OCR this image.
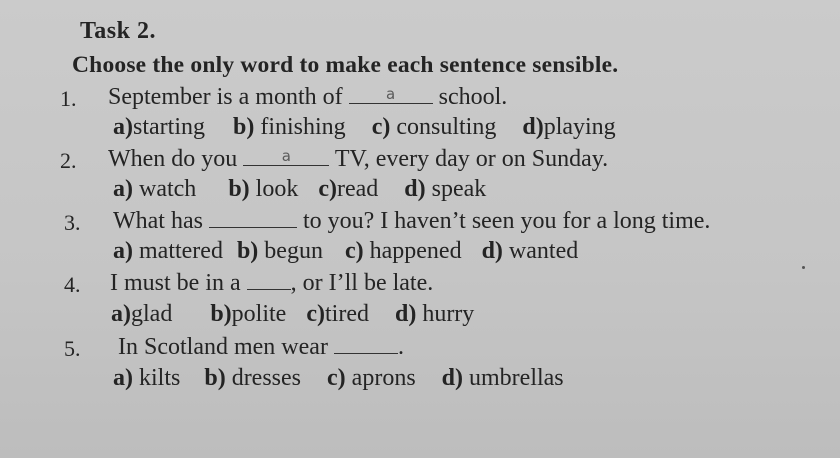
Task 2.
Choose the only word to make each sentence sensible.
1. September is a month of	a	school.
a)starting b) finishing c) consulting d)playing
2. When do you	a	TV, every day or on Sunday.
a) watch b) look c)read d) speak
3. What has	to you? I haven’t seen you for a long time.
a) mattered b) begun c) happened d) wanted
4. I must be in a
, or I’ll be late.
a)glad b)polite c)tired d) hurry
5. In Scotland men wear	.
a) kilts b) dresses c) aprons d) umbrellas
